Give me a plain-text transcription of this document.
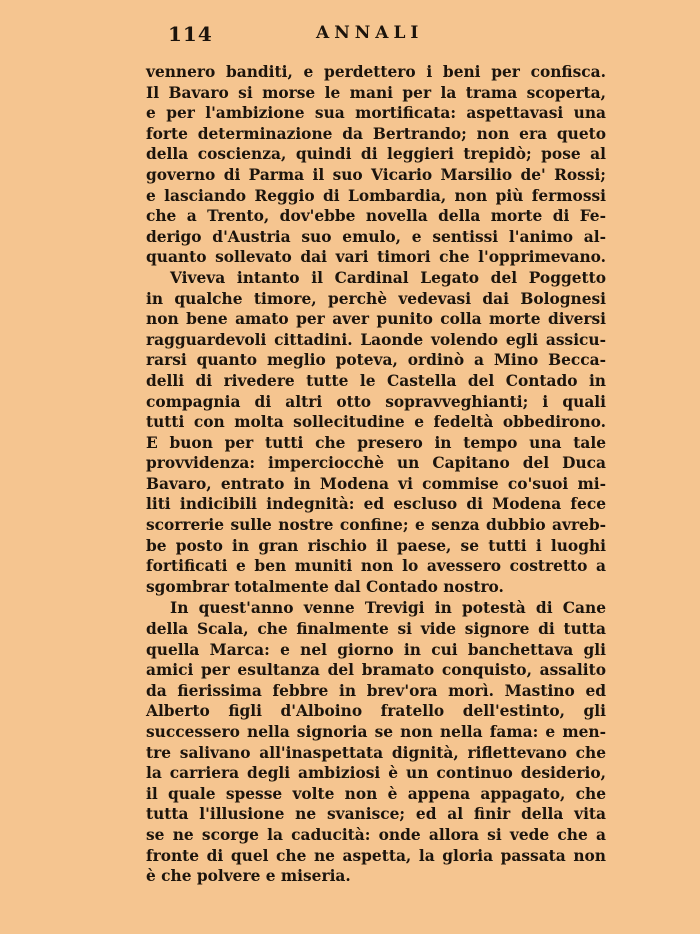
114	ANNALI
vennero banditi, e perdettero i beni per confisca.
Il Bavaro si morse le mani per la trama scoperta,
e per l'ambizione sua mortificata: aspettavasi una
forte determinazione da Bertrando; non era queto
della coscienza, quindi di leggieri trepidò; pose al
governo di Parma il suo Vicario Marsilio de' Rossi;
e lasciando Reggio di Lombardia, non più fermossi
che a Trento, dov'ebbe novella della morte di Fe-
derigo d'Austria suo emulo, e sentissi l'animo al-
quanto sollevato dai vari timori che l'opprimevano.
Viveva intanto il Cardinal Legato del Poggetto
in qualche timore, perchè vedevasi dai Bolognesi
non bene amato per aver punito colla morte diversi
ragguardevoli cittadini. Laonde volendo egli assicu-
rarsi quanto meglio poteva, ordinò a Mino Becca-
delli di rivedere tutte le Castella del Contado in
compagnia di altri otto sopravveghianti; i quali
tutti con molta sollecitudine e fedeltà obbedirono.
E buon per tutti che presero in tempo una tale
provvidenza: imperciocchè un Capitano del Duca
Bavaro, entrato in Modena vi commise co'suoi mi-
liti indicibili indegnità: ed escluso di Modena fece
scorrerie sulle nostre confine; e senza dubbio avreb-
be posto in gran rischio il paese, se tutti i luoghi
fortificati e ben muniti non lo avessero costretto a
sgombrar totalmente dal Contado nostro.
In quest'anno venne Trevigi in potestà di Cane
della Scala, che finalmente si vide signore di tutta
quella Marca: e nel giorno in cui banchettava gli
amici per esultanza del bramato conquisto, assalito
da fierissima febbre in brev'ora morì. Mastino ed
Alberto figli d'Alboino fratello dell'estinto, gli
successero nella signoria se non nella fama: e men-
tre salivano all'inaspettata dignità, riflettevano che
la carriera degli ambiziosi è un continuo desiderio,
il quale spesse volte non è appena appagato, che
tutta l'illusione ne svanisce; ed al finir della vita
se ne scorge la caducità: onde allora si vede che a
fronte di quel che ne aspetta, la gloria passata non
è che polvere e miseria.
